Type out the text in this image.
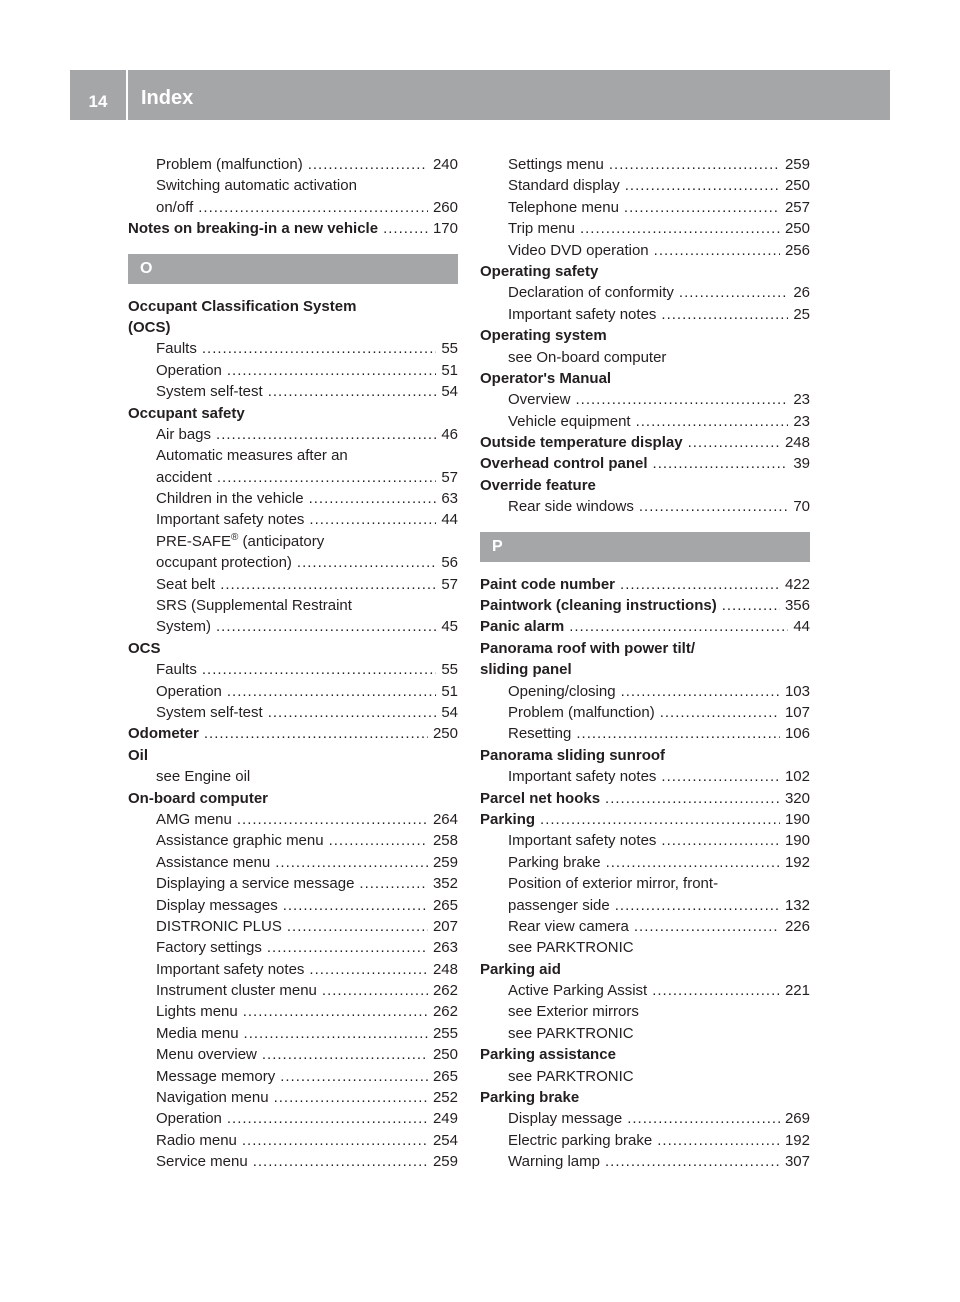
14	Index
Problem (malfunction) .....	240
Switching automatic activation
on/off .....	260
Notes on breaking-in a new vehicle .....	170
O
Occupant Classification System
(OCS)
Faults .....	55
Operation .....	51
System self-test .....	54
Occupant safety
Air bags .....	46
Automatic measures after an
accident .....	57
Children in the vehicle .....	63
Important safety notes .....	44
PRE-SAFE® (anticipatory
occupant protection) .....	56
Seat belt .....	57
SRS (Supplemental Restraint
System) .....	45
OCS
Faults .....	55
Operation .....	51
System self-test .....	54
Odometer .....	250
Oil
see Engine oil
On-board computer
AMG menu .....	264
Assistance graphic menu .....	258
Assistance menu .....	259
Displaying a service message .....	352
Display messages .....	265
DISTRONIC PLUS .....	207
Factory settings .....	263
Important safety notes .....	248
Instrument cluster menu .....	262
Lights menu .....	262
Media menu .....	255
Menu overview .....	250
Message memory .....	265
Navigation menu .....	252
Operation .....	249
Radio menu .....	254
Service menu .....	259
Settings menu .....	259
Standard display .....	250
Telephone menu .....	257
Trip menu .....	250
Video DVD operation .....	256
Operating safety
Declaration of conformity .....	26
Important safety notes .....	25
Operating system
see On-board computer
Operator's Manual
Overview .....	23
Vehicle equipment .....	23
Outside temperature display .....	248
Overhead control panel .....	39
Override feature
Rear side windows .....	70
P
Paint code number .....	422
Paintwork (cleaning instructions) .....	356
Panic alarm .....	44
Panorama roof with power tilt/
sliding panel
Opening/closing .....	103
Problem (malfunction) .....	107
Resetting .....	106
Panorama sliding sunroof
Important safety notes .....	102
Parcel net hooks .....	320
Parking .....	190
Important safety notes .....	190
Parking brake .....	192
Position of exterior mirror, front-
passenger side .....	132
Rear view camera .....	226
see PARKTRONIC
Parking aid
Active Parking Assist .....	221
see Exterior mirrors
see PARKTRONIC
Parking assistance
see PARKTRONIC
Parking brake
Display message .....	269
Electric parking brake .....	192
Warning lamp .....	307
